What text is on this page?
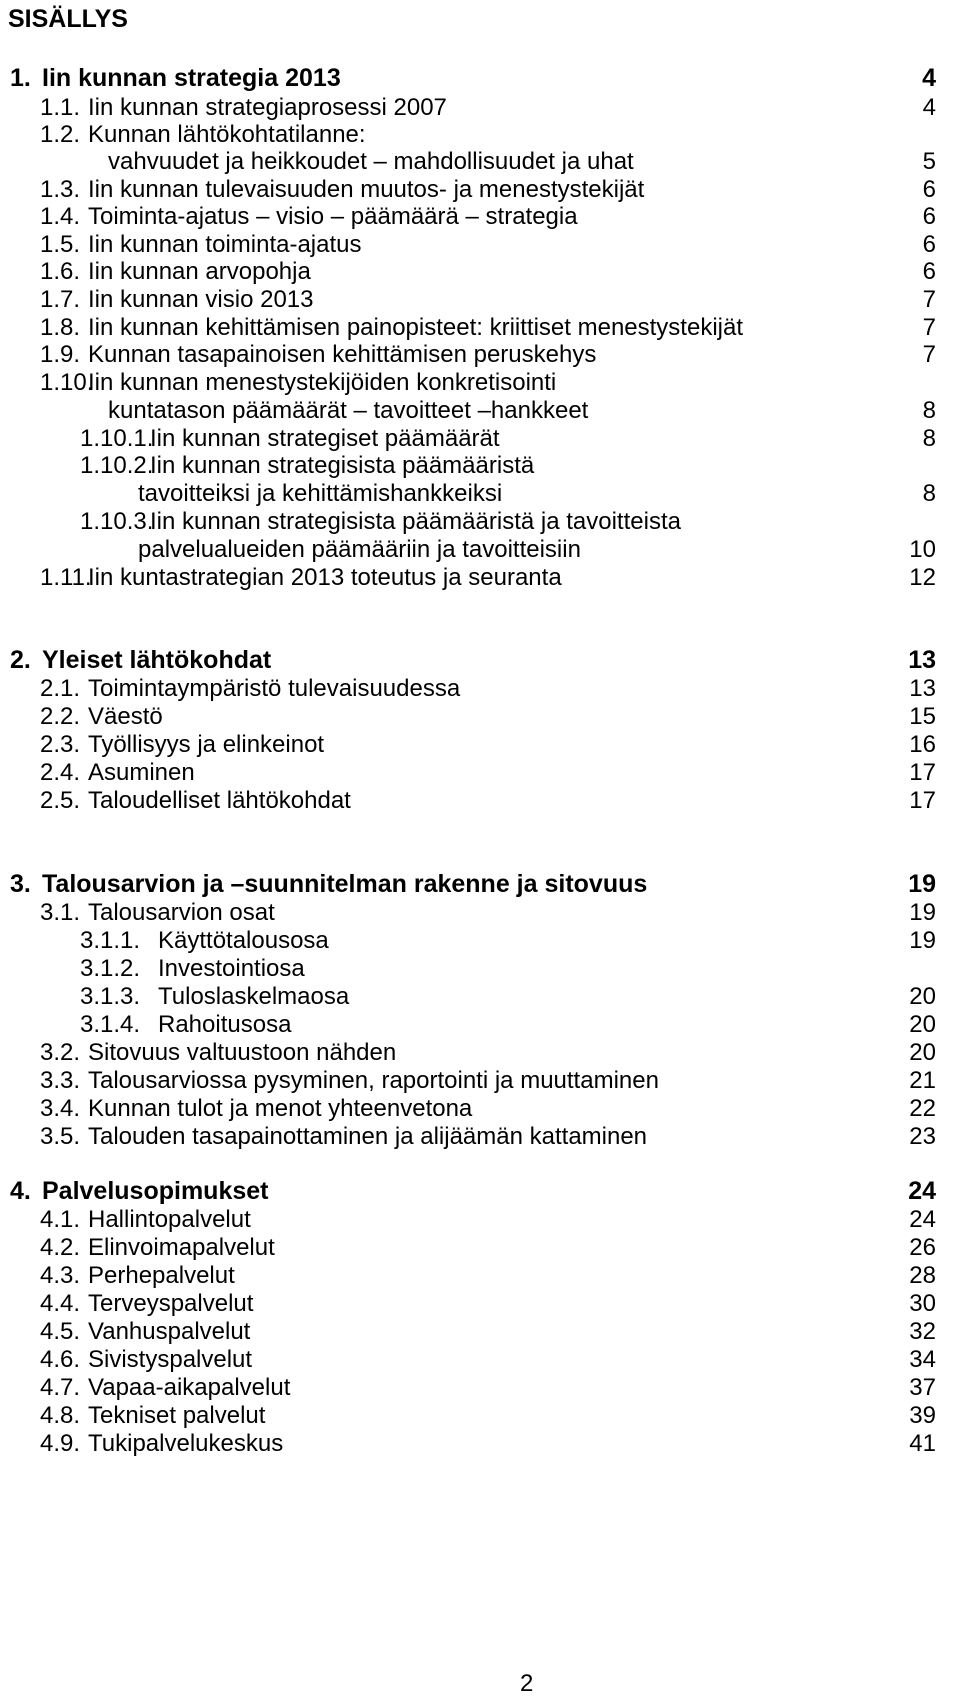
SISÄLLYS
1. Iin kunnan strategia 2013	4
1.1. Iin kunnan strategiaprosessi 2007	4
1.2. Kunnan lähtökohtatilanne:
vahvuudet ja heikkoudet – mahdollisuudet ja uhat	5
1.3. Iin kunnan tulevaisuuden muutos- ja menestystekijät	6
1.4. Toiminta-ajatus – visio – päämäärä – strategia	6
1.5. Iin kunnan toiminta-ajatus	6
1.6. Iin kunnan arvopohja	6
1.7. Iin kunnan visio 2013	7
1.8. Iin kunnan kehittämisen painopisteet: kriittiset menestystekijät	7
1.9. Kunnan tasapainoisen kehittämisen peruskehys	7
1.10.
Iin kunnan menestystekijöiden konkretisointi
kuntatason päämäärät – tavoitteet –hankkeet	8
1.10.1.
Iin kunnan strategiset päämäärät	8
1.10.2.
Iin kunnan strategisista päämääristä
tavoitteiksi ja kehittämishankkeiksi	8
1.10.3.
Iin kunnan strategisista päämääristä ja tavoitteista
palvelualueiden päämääriin ja tavoitteisiin	10
1.11.
Iin kuntastrategian 2013 toteutus ja seuranta	12
2. Yleiset lähtökohdat	13
2.1. Toimintaympäristö tulevaisuudessa	13
2.2. Väestö	15
2.3. Työllisyys ja elinkeinot	16
2.4. Asuminen	17
2.5. Taloudelliset lähtökohdat	17
3. Talousarvion ja –suunnitelman rakenne ja sitovuus	19
3.1. Talousarvion osat	19
3.1.1. Käyttötalousosa	19
3.1.2. Investointiosa
3.1.3. Tuloslaskelmaosa	20
3.1.4. Rahoitusosa	20
3.2. Sitovuus valtuustoon nähden	20
3.3. Talousarviossa pysyminen, raportointi ja muuttaminen	21
3.4. Kunnan tulot ja menot yhteenvetona	22
3.5. Talouden tasapainottaminen ja alijäämän kattaminen	23
4. Palvelusopimukset	24
4.1. Hallintopalvelut	24
4.2. Elinvoimapalvelut	26
4.3. Perhepalvelut	28
4.4. Terveyspalvelut	30
4.5. Vanhuspalvelut	32
4.6. Sivistyspalvelut	34
4.7. Vapaa-aikapalvelut	37
4.8. Tekniset palvelut	39
4.9. Tukipalvelukeskus	41
2
